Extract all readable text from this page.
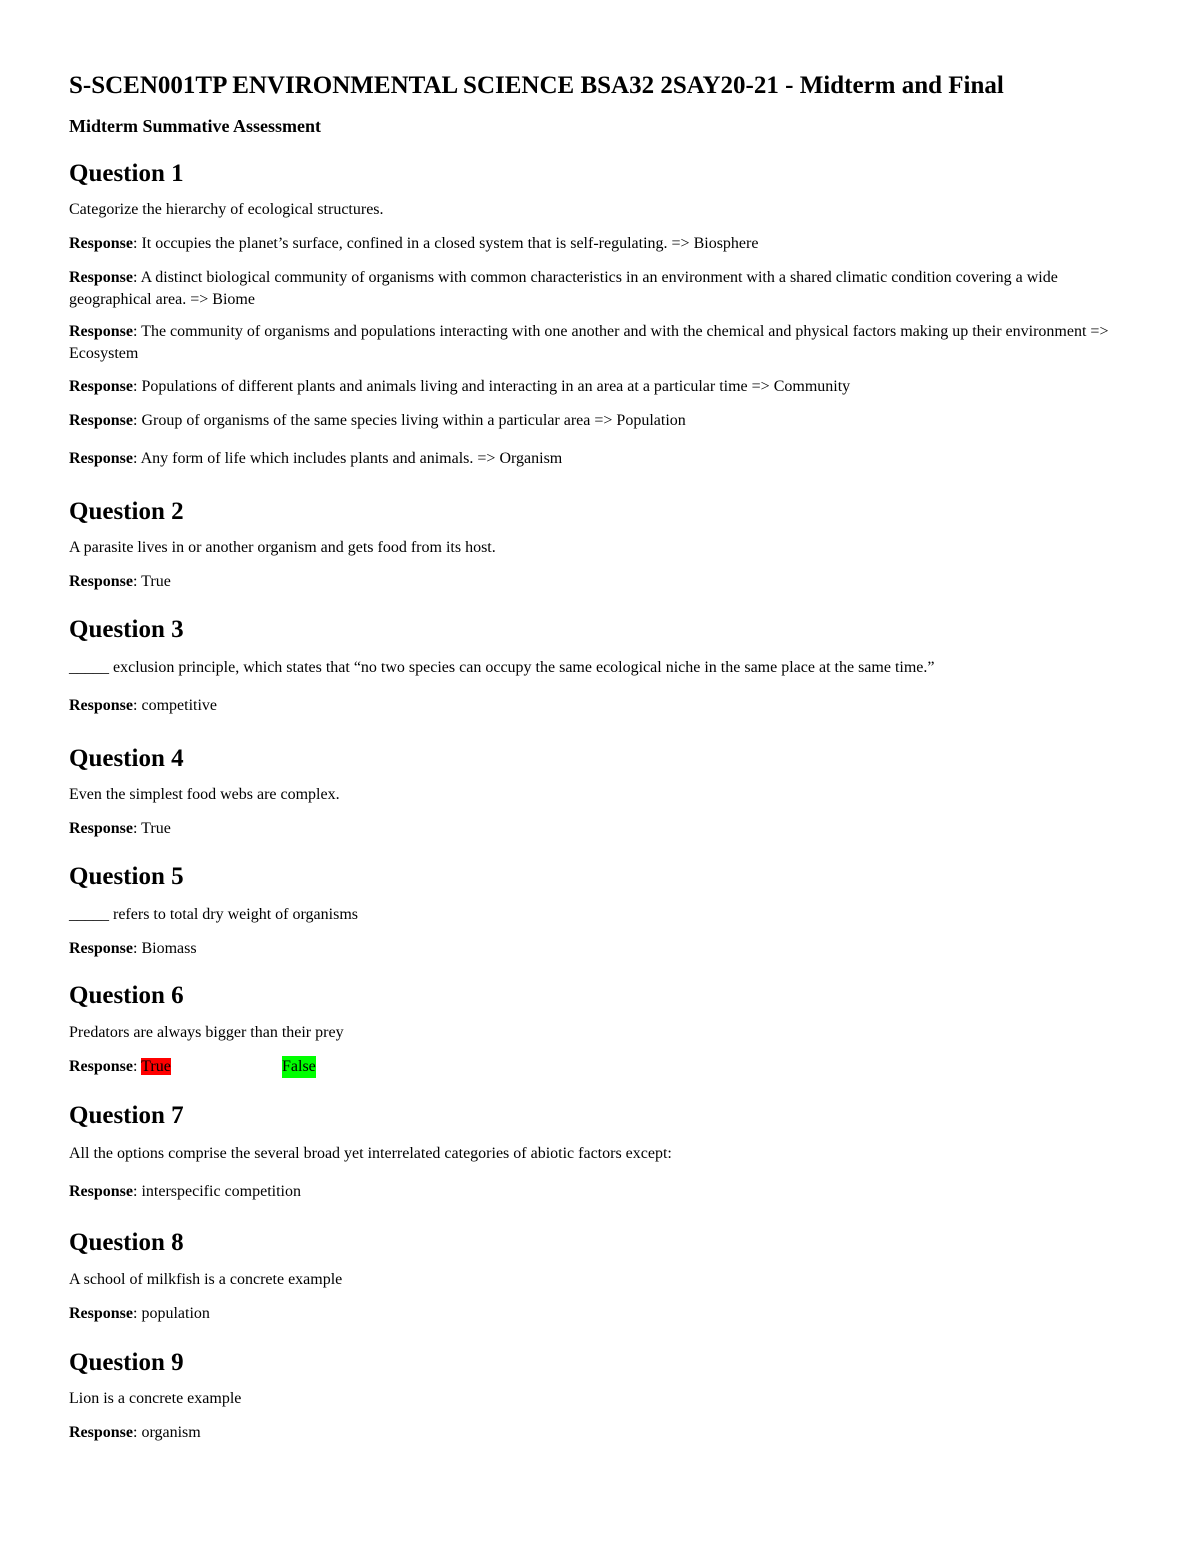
S-SCEN001TP ENVIRONMENTAL SCIENCE BSA32 2SAY20-21 - Midterm and Final
Midterm Summative Assessment
Question 1

Categorize the hierarchy of ecological structures.

Response: It occupies the planet’s surface, confined in a closed system that is self-regulating. => Biosphere

Response: A distinct biological community of organisms with common characteristics in an environment with a shared climatic condition covering a wide geographical area. => Biome

Response: The community of organisms and populations interacting with one another and with the chemical and physical factors making up their environment => Ecosystem

Response: Populations of different plants and animals living and interacting in an area at a particular time => Community

Response: Group of organisms of the same species living within a particular area => Population

Response: Any form of life which includes plants and animals. => Organism

Question 2

A parasite lives in or another organism and gets food from its host.

Response: True

Question 3

_____ exclusion principle, which states that “no two species can occupy the same ecological niche in the same place at the same time.”

Response: competitive

Question 4

Even the simplest food webs are complex.

Response: True

Question 5

_____ refers to total dry weight of organisms

Response: Biomass

Question 6

Predators are always bigger than their prey

Response: True	False

Question 7

All the options comprise the several broad yet interrelated categories of abiotic factors except:

Response: interspecific competition

Question 8

A school of milkfish is a concrete example

Response: population

Question 9

Lion is a concrete example

Response: organism
